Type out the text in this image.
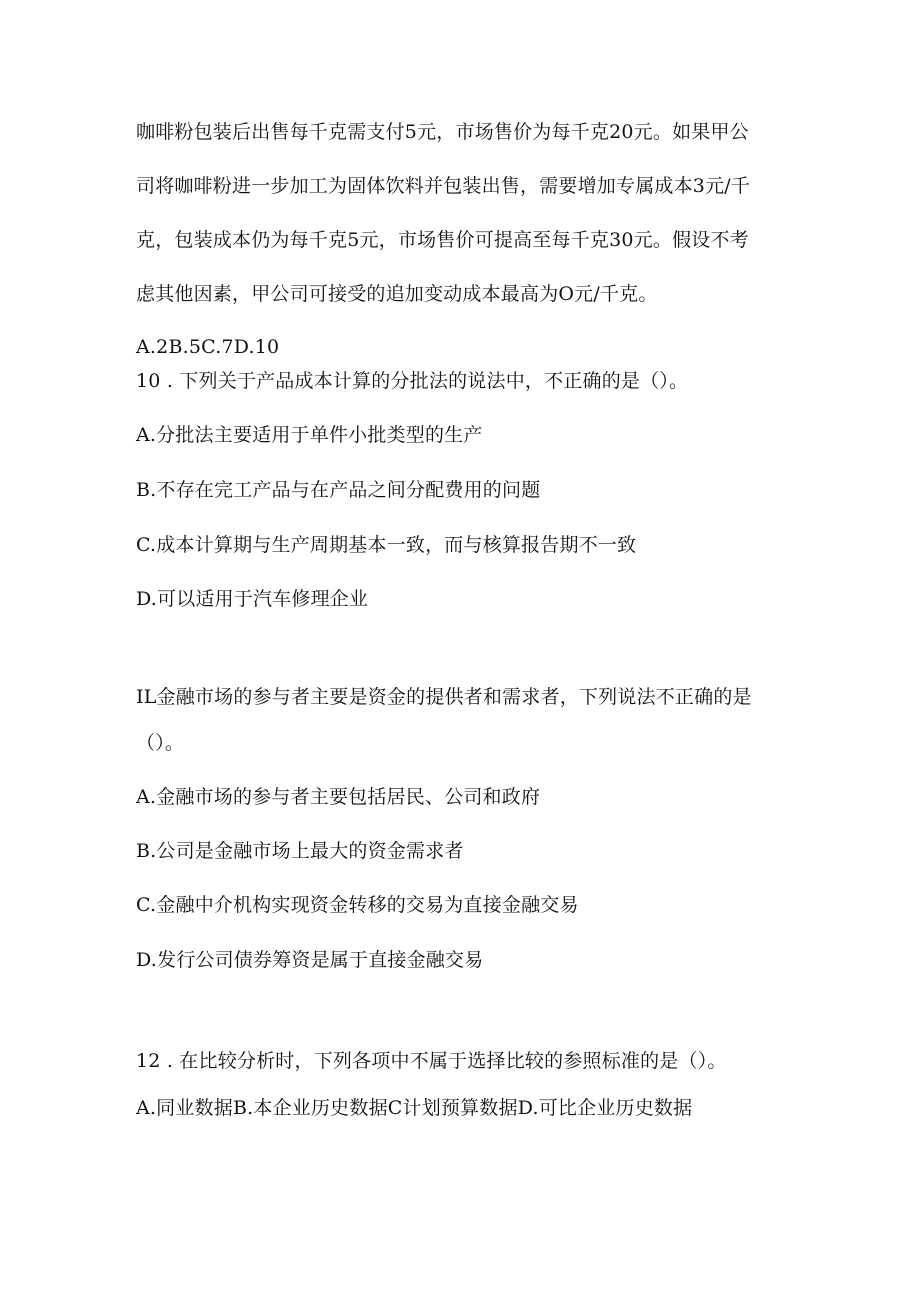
咖啡粉包装后出售每千克需支付5元，市场售价为每千克20元。如果甲公
司将咖啡粉进一步加工为固体饮料并包装出售，需要增加专属成本3元/千
克，包装成本仍为每千克5元，市场售价可提高至每千克30元。假设不考
虑其他因素，甲公司可接受的追加变动成本最高为O元/千克。
A.2B.5C.7D.10
10 . 下列关于产品成本计算的分批法的说法中，不正确的是（）。
A.分批法主要适用于单件小批类型的生产
B.不存在完工产品与在产品之间分配费用的问题
C.成本计算期与生产周期基本一致，而与核算报告期不一致
D.可以适用于汽车修理企业
IL金融市场的参与者主要是资金的提供者和需求者，下列说法不正确的是
（）。
A.金融市场的参与者主要包括居民、公司和政府
B.公司是金融市场上最大的资金需求者
C.金融中介机构实现资金转移的交易为直接金融交易
D.发行公司债券筹资是属于直接金融交易
12 . 在比较分析时，下列各项中不属于选择比较的参照标准的是（）。
A.同业数据B.本企业历史数据C计划预算数据D.可比企业历史数据
